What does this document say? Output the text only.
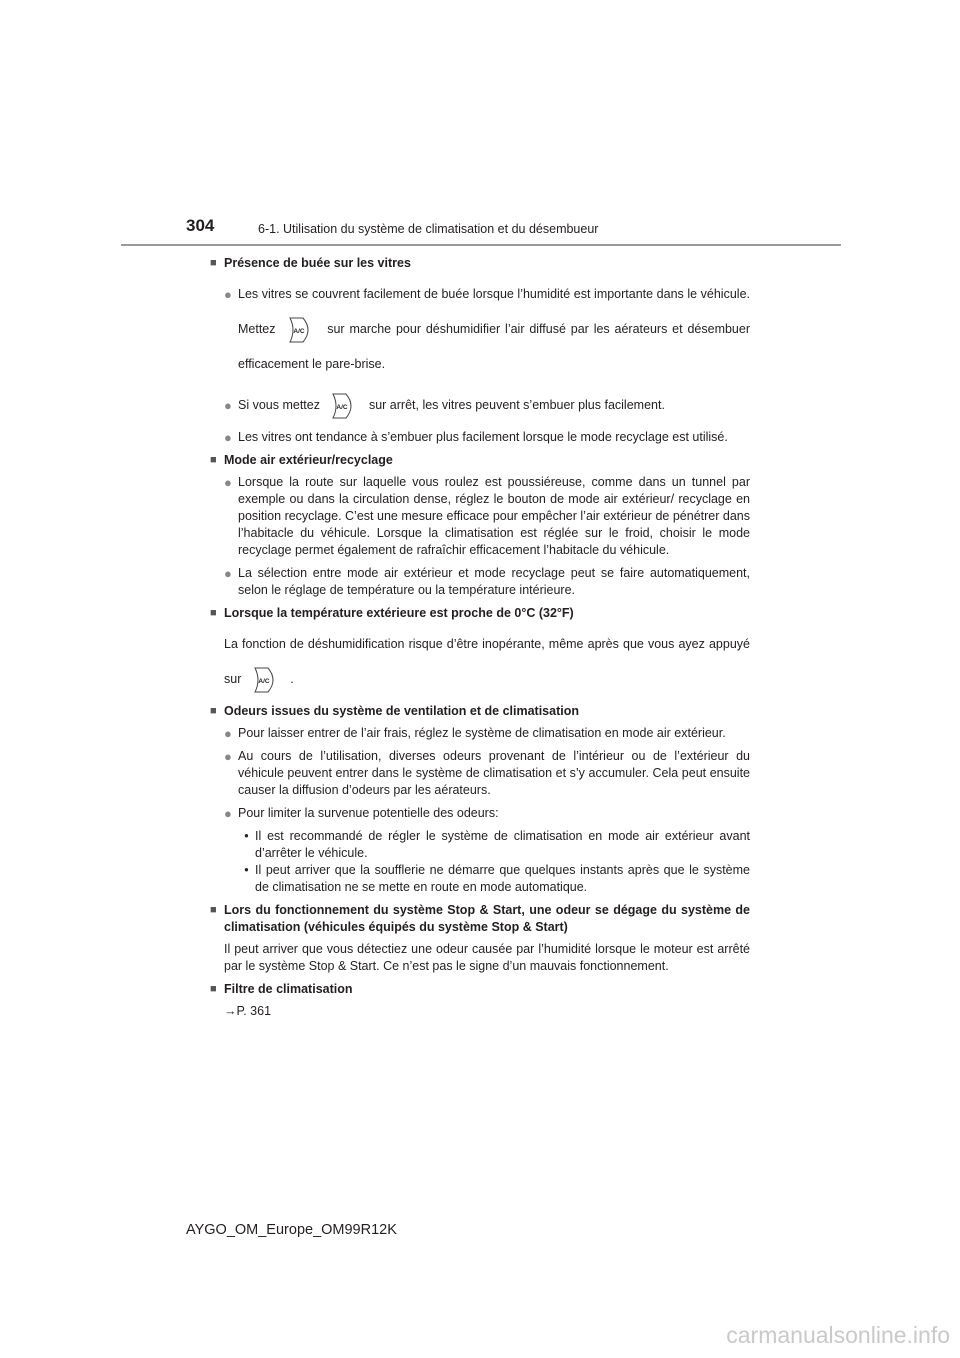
304	6-1. Utilisation du système de climatisation et du désembueur
■ Présence de buée sur les vitres
● Les vitres se couvrent facilement de buée lorsque l’humidité est importante dans le véhicule. Mettez	A/C sur marche pour déshumidifier l’air diffusé par les aérateurs et désembuer efficacement le pare-brise.
● Si vous mettez	A/C sur arrêt, les vitres peuvent s’embuer plus facilement.
● Les vitres ont tendance à s’embuer plus facilement lorsque le mode recyclage est utilisé.
■ Mode air extérieur/recyclage
● Lorsque la route sur laquelle vous roulez est poussiéreuse, comme dans un tunnel par exemple ou dans la circulation dense, réglez le bouton de mode air extérieur/ recyclage en position recyclage. C’est une mesure efficace pour empêcher l’air extérieur de pénétrer dans l’habitacle du véhicule. Lorsque la climatisation est réglée sur le froid, choisir le mode recyclage permet également de rafraîchir efficacement l’habitacle du véhicule.
● La sélection entre mode air extérieur et mode recyclage peut se faire automatiquement, selon le réglage de température ou la température intérieure.
■ Lorsque la température extérieure est proche de 0°C (32°F)
La fonction de déshumidification risque d’être inopérante, même après que vous ayez appuyé sur	A/C .
■ Odeurs issues du système de ventilation et de climatisation
● Pour laisser entrer de l’air frais, réglez le système de climatisation en mode air extérieur.
● Au cours de l’utilisation, diverses odeurs provenant de l’intérieur ou de l’extérieur du véhicule peuvent entrer dans le système de climatisation et s’y accumuler. Cela peut ensuite causer la diffusion d’odeurs par les aérateurs.
● Pour limiter la survenue potentielle des odeurs:
• Il est recommandé de régler le système de climatisation en mode air extérieur avant d’arrêter le véhicule.
• Il peut arriver que la soufflerie ne démarre que quelques instants après que le système de climatisation ne se mette en route en mode automatique.
■ Lors du fonctionnement du système Stop & Start, une odeur se dégage du système de climatisation (véhicules équipés du système Stop & Start)
Il peut arriver que vous détectiez une odeur causée par l’humidité lorsque le moteur est arrêté par le système Stop & Start. Ce n’est pas le signe d’un mauvais fonctionnement.
■ Filtre de climatisation
→P. 361
AYGO_OM_Europe_OM99R12K
carmanualsonline.info
